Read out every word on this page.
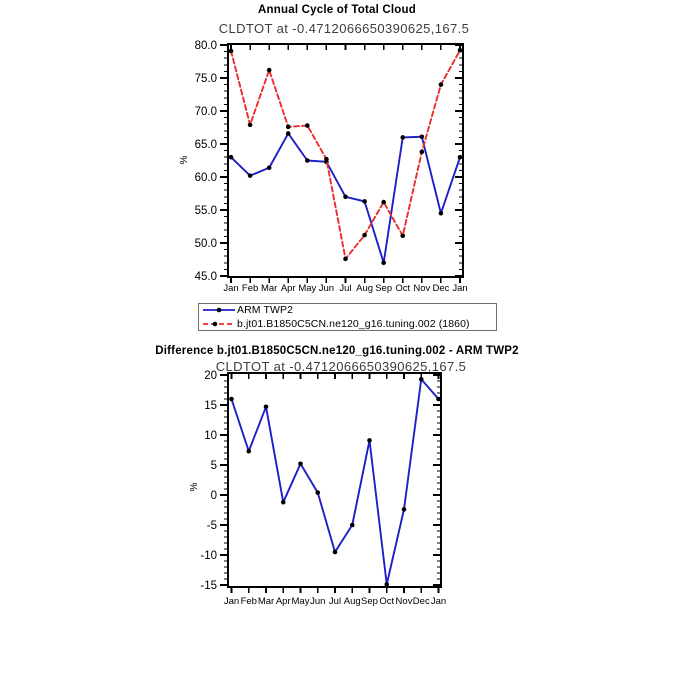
Annual Cycle of Total Cloud
CLDTOT at -0.4712066650390625,167.5
45.0
50.0
55.0
60.0
65.0
70.0
75.0
80.0
%
Jan Feb Mar Apr May Jun Jul Aug Sep Oct Nov Dec Jan
ARM TWP2
b.jt01.B1850C5CN.ne120_g16.tuning.002 (1860)
Difference b.jt01.B1850C5CN.ne120_g16.tuning.002 - ARM TWP2
CLDTOT at -0.4712066650390625,167.5
-15
-10
-5
0
5
10
15
20
%
Jan Feb Mar Apr May Jun Jul Aug Sep Oct Nov Dec Jan
